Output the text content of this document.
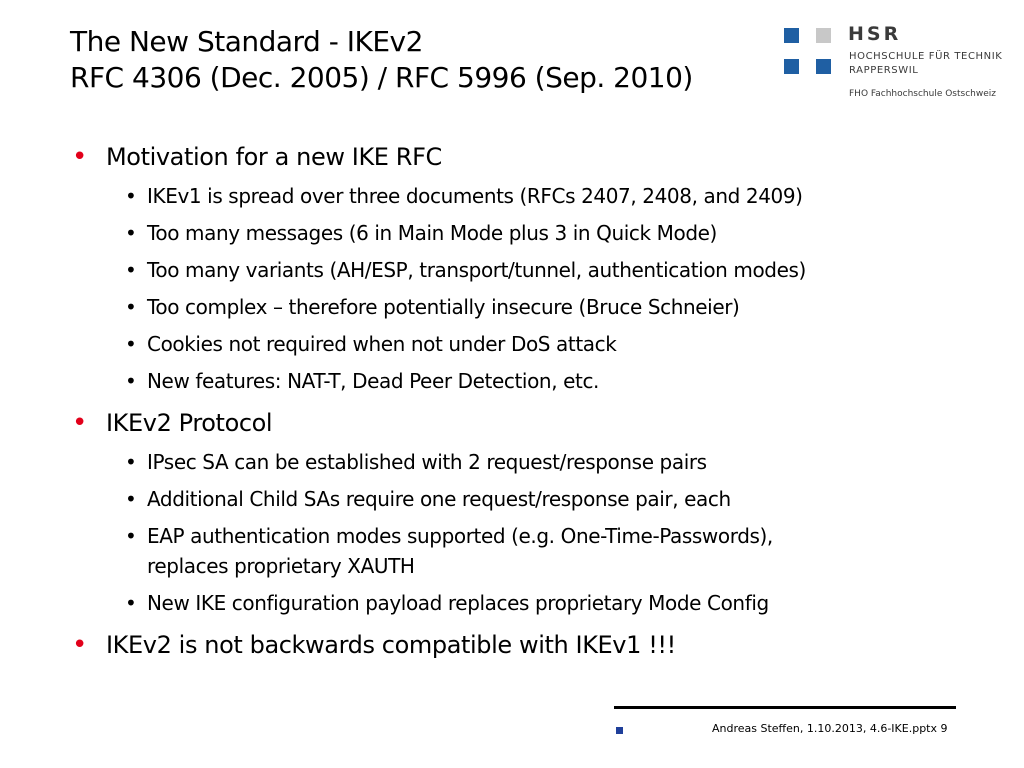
The New Standard - IKEv2
RFC 4306 (Dec. 2005) / RFC 5996 (Sep. 2010)
HSR
HOCHSCHULE FÜR TECHNIK
RAPPERSWIL
FHO Fachhochschule Ostschweiz
• Motivation for a new IKE RFC
• IKEv1 is spread over three documents (RFCs 2407, 2408, and 2409)
• Too many messages (6 in Main Mode plus 3 in Quick Mode)
• Too many variants (AH/ESP, transport/tunnel, authentication modes)
• Too complex – therefore potentially insecure (Bruce Schneier)
• Cookies not required when not under DoS attack
• New features: NAT-T, Dead Peer Detection, etc.
• IKEv2 Protocol
• IPsec SA can be established with 2 request/response pairs
• Additional Child SAs require one request/response pair, each
• EAP authentication modes supported (e.g. One-Time-Passwords),
replaces proprietary XAUTH
• New IKE configuration payload replaces proprietary Mode Config
• IKEv2 is not backwards compatible with IKEv1 !!!
Andreas Steffen, 1.10.2013, 4.6-IKE.pptx 9
